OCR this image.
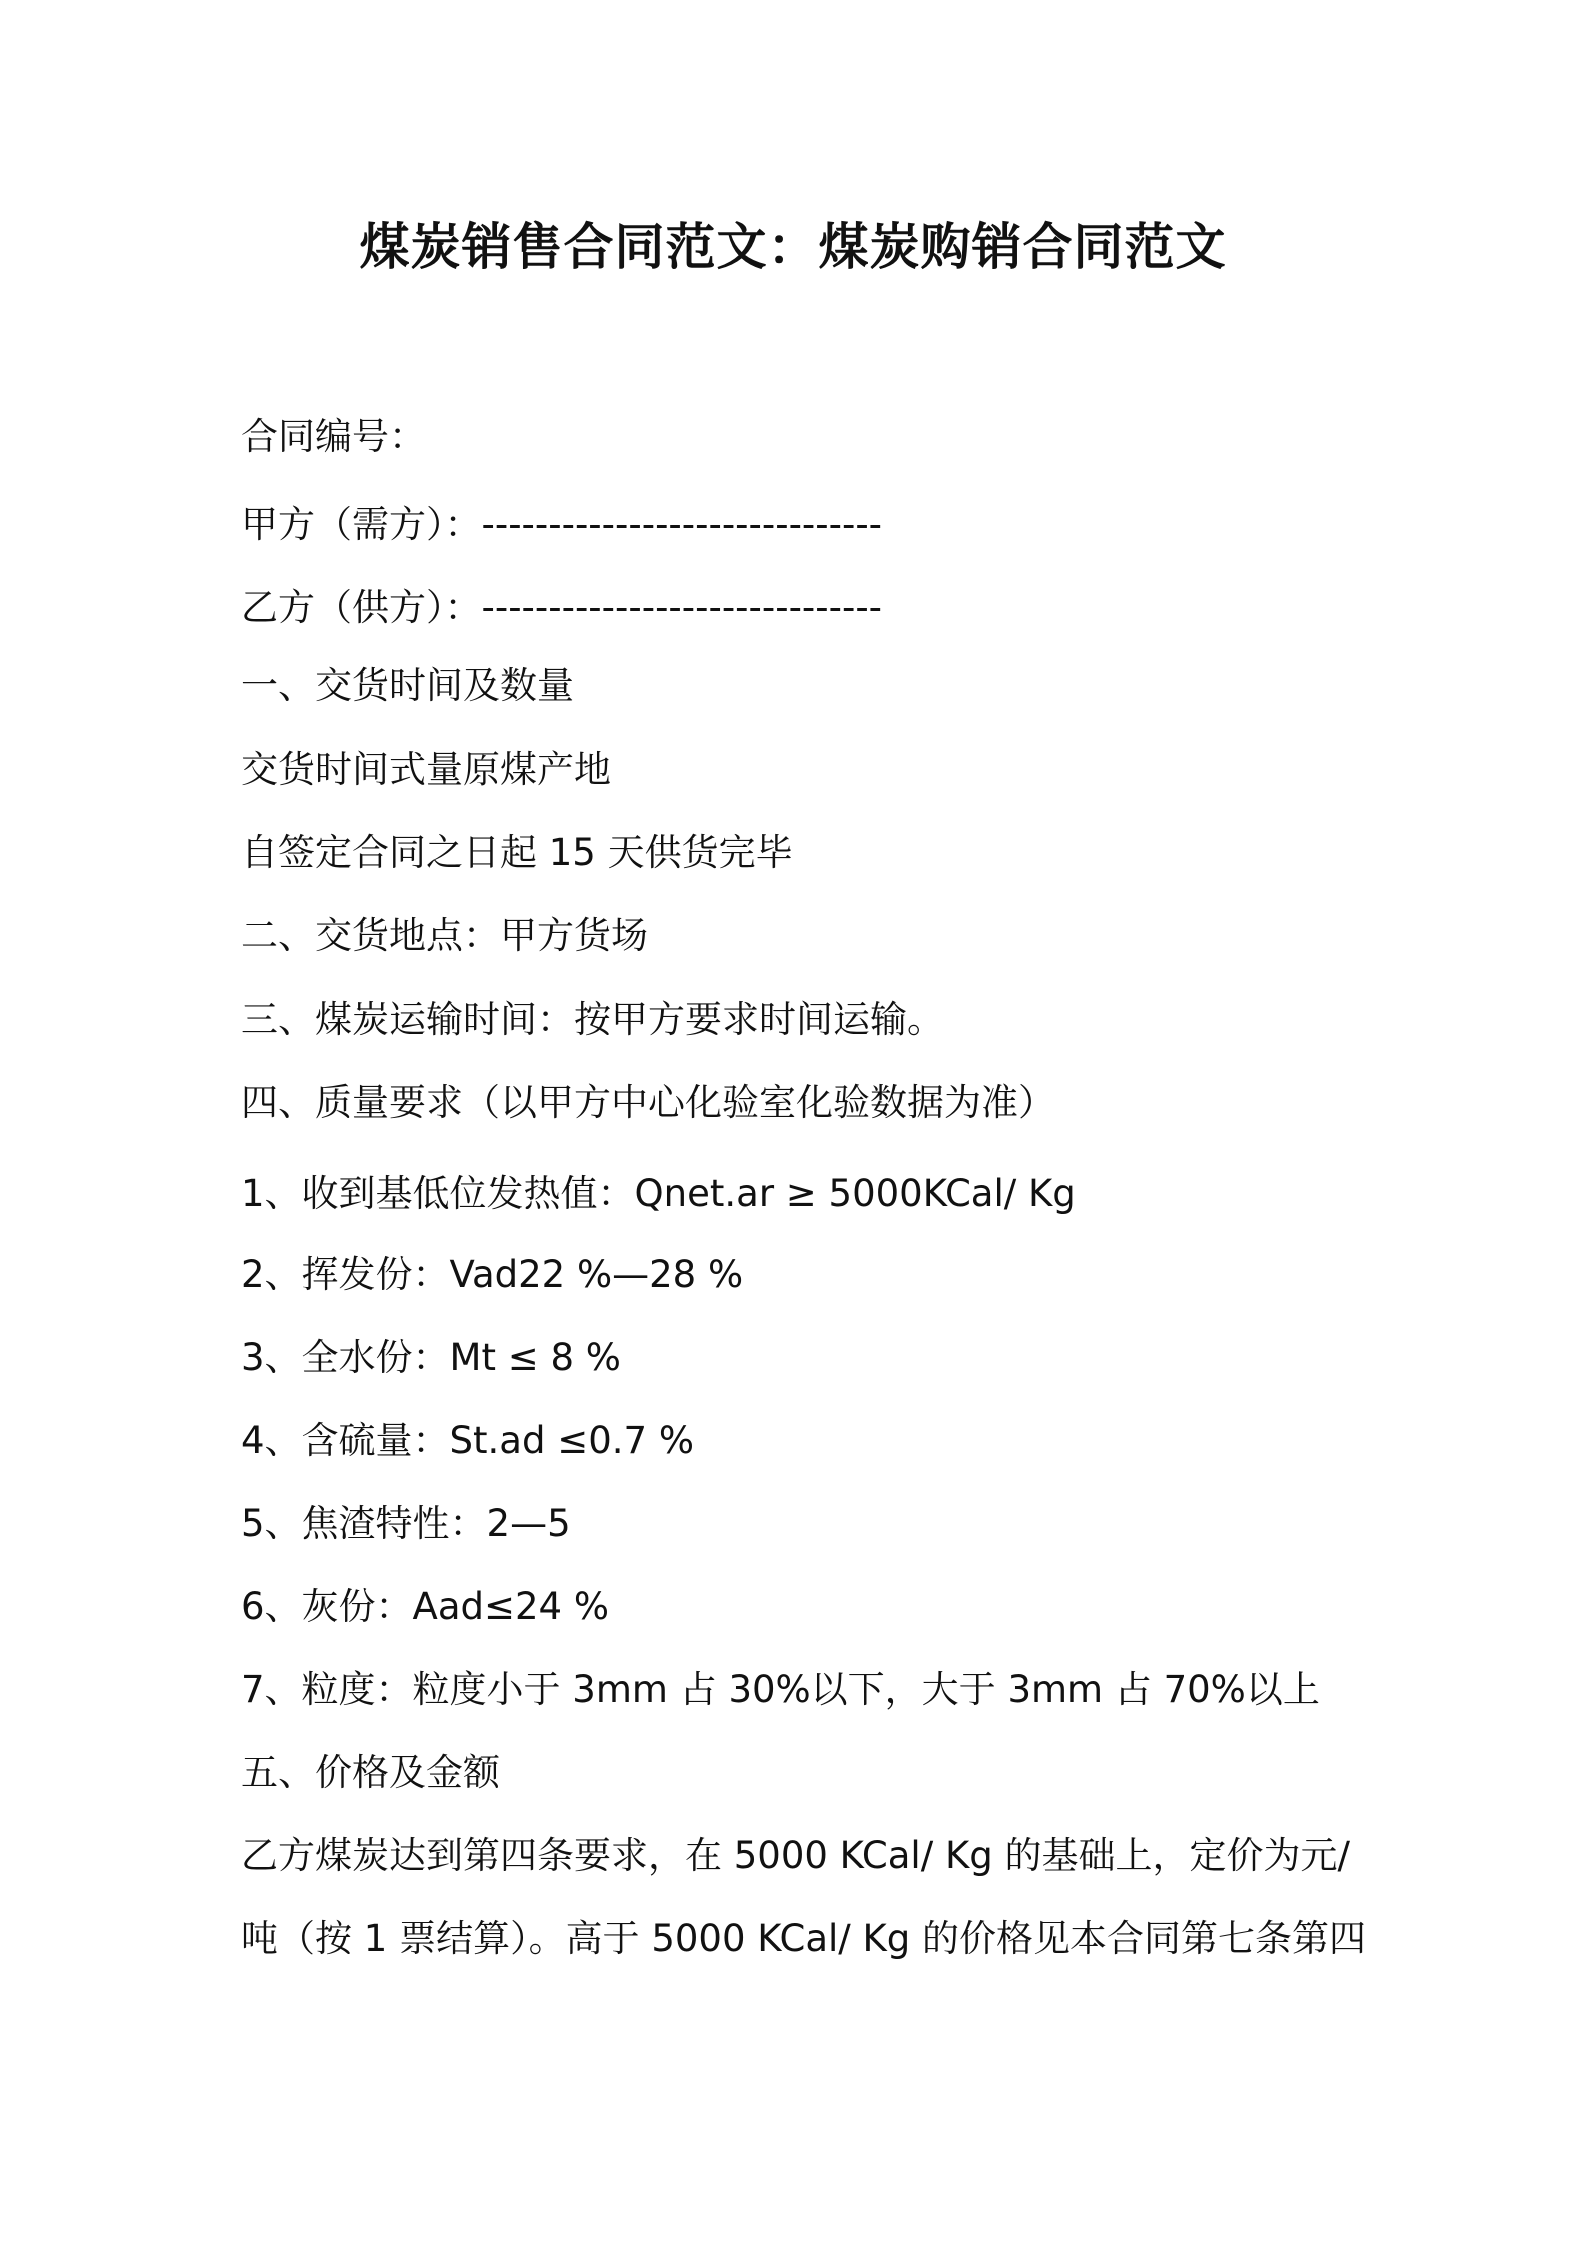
煤炭销售合同范文：煤炭购销合同范文
合同编号：
甲方（需方）：------------------------------
乙方（供方）：------------------------------
一、交货时间及数量
交货时间式量原煤产地
自签定合同之日起 15 天供货完毕
二、交货地点：甲方货场
三、煤炭运输时间：按甲方要求时间运输。
四、质量要求（以甲方中心化验室化验数据为准）
1、收到基低位发热值：Qnet.ar ≥ 5000KCal/ Kg
2、挥发份：Vad22 %—28 %
3、全水份：Mt ≤ 8 %
4、含硫量：St.ad ≤0.7 %
5、焦渣特性：2—5
6、灰份：Aad≤24 %
7、粒度：粒度小于 3mm 占 30%以下，大于 3mm 占 70%以上
五、价格及金额
乙方煤炭达到第四条要求，在 5000 KCal/ Kg 的基础上，定价为元/
吨（按 1 票结算）。高于 5000 KCal/ Kg 的价格见本合同第七条第四
